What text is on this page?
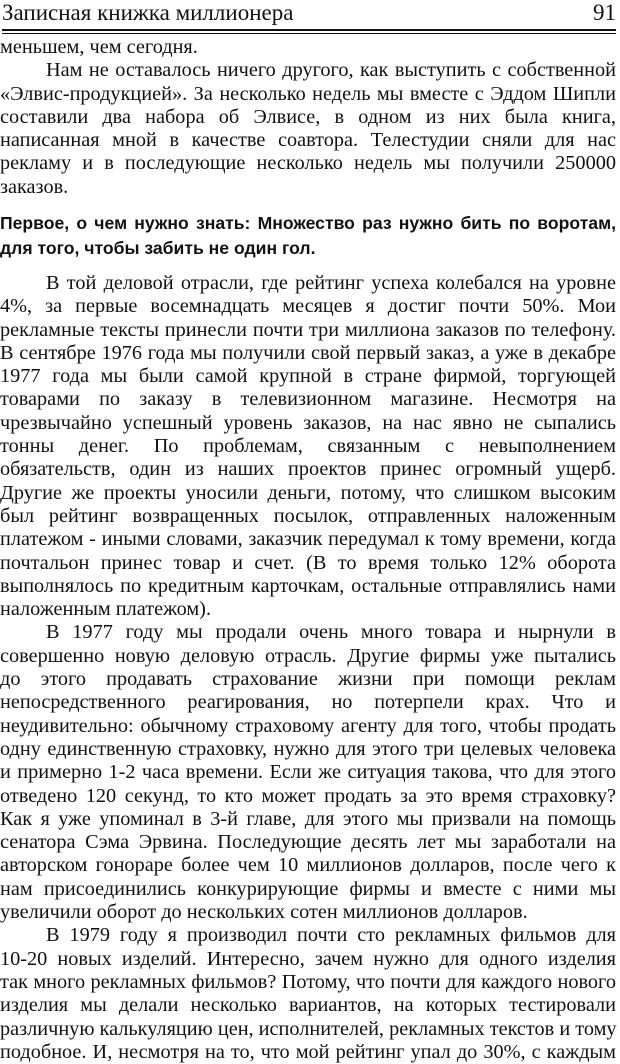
Записная книжка миллионера	91
меньшем, чем сегодня.
Нам не оставалось ничего другого, как выступить с собственной
«Элвис-продукцией». За несколько недель мы вместе с Эддом Шипли
составили два набора об Элвисе, в одном из них была книга,
написанная мной в качестве соавтора. Телестудии сняли для нас
рекламу и в последующие несколько недель мы получили 250000
заказов.
Первое, о чем нужно знать: Множество раз нужно бить по воротам,
для того, чтобы забить не один гол.
В той деловой отрасли, где рейтинг успеха колебался на уровне
4%, за первые восемнадцать месяцев я достиг почти 50%. Мои
рекламные тексты принесли почти три миллиона заказов по телефону.
В сентябре 1976 года мы получили свой первый заказ, а уже в декабре
1977 года мы были самой крупной в стране фирмой, торгующей
товарами по заказу в телевизионном магазине. Несмотря на
чрезвычайно успешный уровень заказов, на нас явно не сыпались
тонны денег. По проблемам, связанным с невыполнением
обязательств, один из наших проектов принес огромный ущерб.
Другие же проекты уносили деньги, потому, что слишком высоким
был рейтинг возвращенных посылок, отправленных наложенным
платежом - иными словами, заказчик передумал к тому времени, когда
почтальон принес товар и счет. (В то время только 12% оборота
выполнялось по кредитным карточкам, остальные отправлялись нами
наложенным платежом).
В 1977 году мы продали очень много товара и нырнули в
совершенно новую деловую отрасль. Другие фирмы уже пытались
до этого продавать страхование жизни при помощи реклам
непосредственного реагирования, но потерпели крах. Что и
неудивительно: обычному страховому агенту для того, чтобы продать
одну единственную страховку, нужно для этого три целевых человека
и примерно 1-2 часа времени. Если же ситуация такова, что для этого
отведено 120 секунд, то кто может продать за это время страховку?
Как я уже упоминал в 3-й главе, для этого мы призвали на помощь
сенатора Сэма Эрвина. Последующие десять лет мы заработали на
авторском гонораре более чем 10 миллионов долларов, после чего к
нам присоединились конкурирующие фирмы и вместе с ними мы
увеличили оборот до нескольких сотен миллионов долларов.
В 1979 году я производил почти сто рекламных фильмов для
10-20 новых изделий. Интересно, зачем нужно для одного изделия
так много рекламных фильмов? Потому, что почти для каждого нового
изделия мы делали несколько вариантов, на которых тестировали
различную калькуляцию цен, исполнителей, рекламных текстов и тому
подобное. И, несмотря на то, что мой рейтинг упал до 30%, с каждым
